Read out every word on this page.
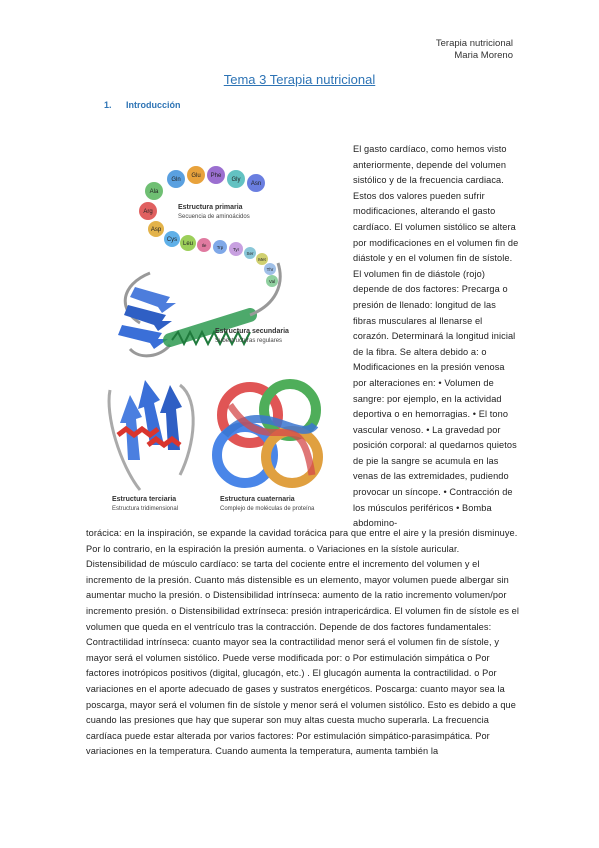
Terapia nutricional
Maria Moreno
Tema 3 Terapia nutricional
1. Introducción
Arg
Ala
Gln
Glu Phe
Gly
Asn
Asp
Cys
Leu Ile Trp Tyr
Ser
Met
Thr
Val
Estructura primaria
Secuencia de aminoácidos
Estructura secundaria
Subestructuras regulares
Estructura terciaria
Estructura tridimensional
Estructura cuaternaria
Complejo de moléculas de proteína
El gasto cardíaco, como hemos visto anteriormente, depende del volumen sistólico y de la frecuencia cardiaca. Estos dos valores pueden sufrir modificaciones, alterando el gasto cardíaco. El volumen sistólico se altera por modificaciones en el volumen fin de diástole y en el volumen fin de sístole. El volumen fin de diástole (rojo) depende de dos factores: Precarga o presión de llenado: longitud de las fibras musculares al llenarse el corazón. Determinará la longitud inicial de la fibra. Se altera debido a: o Modificaciones en la presión venosa por alteraciones en: • Volumen de sangre: por ejemplo, en la actividad deportiva o en hemorragias. • El tono vascular venoso. • La gravedad por posición corporal: al quedarnos quietos de pie la sangre se acumula en las venas de las extremidades, pudiendo provocar un síncope. • Contracción de los músculos periféricos • Bomba abdomino-
torácica: en la inspiración, se expande la cavidad torácica para que entre el aire y la presión disminuye. Por lo contrario, en la espiración la presión aumenta. o Variaciones en la sístole auricular. Distensibilidad de músculo cardíaco: se tarta del cociente entre el incremento del volumen y el incremento de la presión. Cuanto más distensible es un elemento, mayor volumen puede albergar sin aumentar mucho la presión. o Distensibilidad intrínseca: aumento de la ratio incremento volumen/por incremento presión. o Distensibilidad extrínseca: presión intrapericárdica. El volumen fin de sístole es el volumen que queda en el ventrículo tras la contracción. Depende de dos factores fundamentales: Contractilidad intrínseca: cuanto mayor sea la contractilidad menor será el volumen fin de sístole, y mayor será el volumen sistólico. Puede verse modificada por: o Por estimulación simpática o Por factores inotrópicos positivos (digital, glucagón, etc.) . El glucagón aumenta la contractilidad. o Por variaciones en el aporte adecuado de gases y sustratos energéticos. Poscarga: cuanto mayor sea la poscarga, mayor será el volumen fin de sístole y menor será el volumen sistólico. Esto es debido a que cuando las presiones que hay que superar son muy altas cuesta mucho superarla. La frecuencia cardíaca puede estar alterada por varios factores: Por estimulación simpático-parasimpática. Por variaciones en la temperatura. Cuando aumenta la temperatura, aumenta también la
